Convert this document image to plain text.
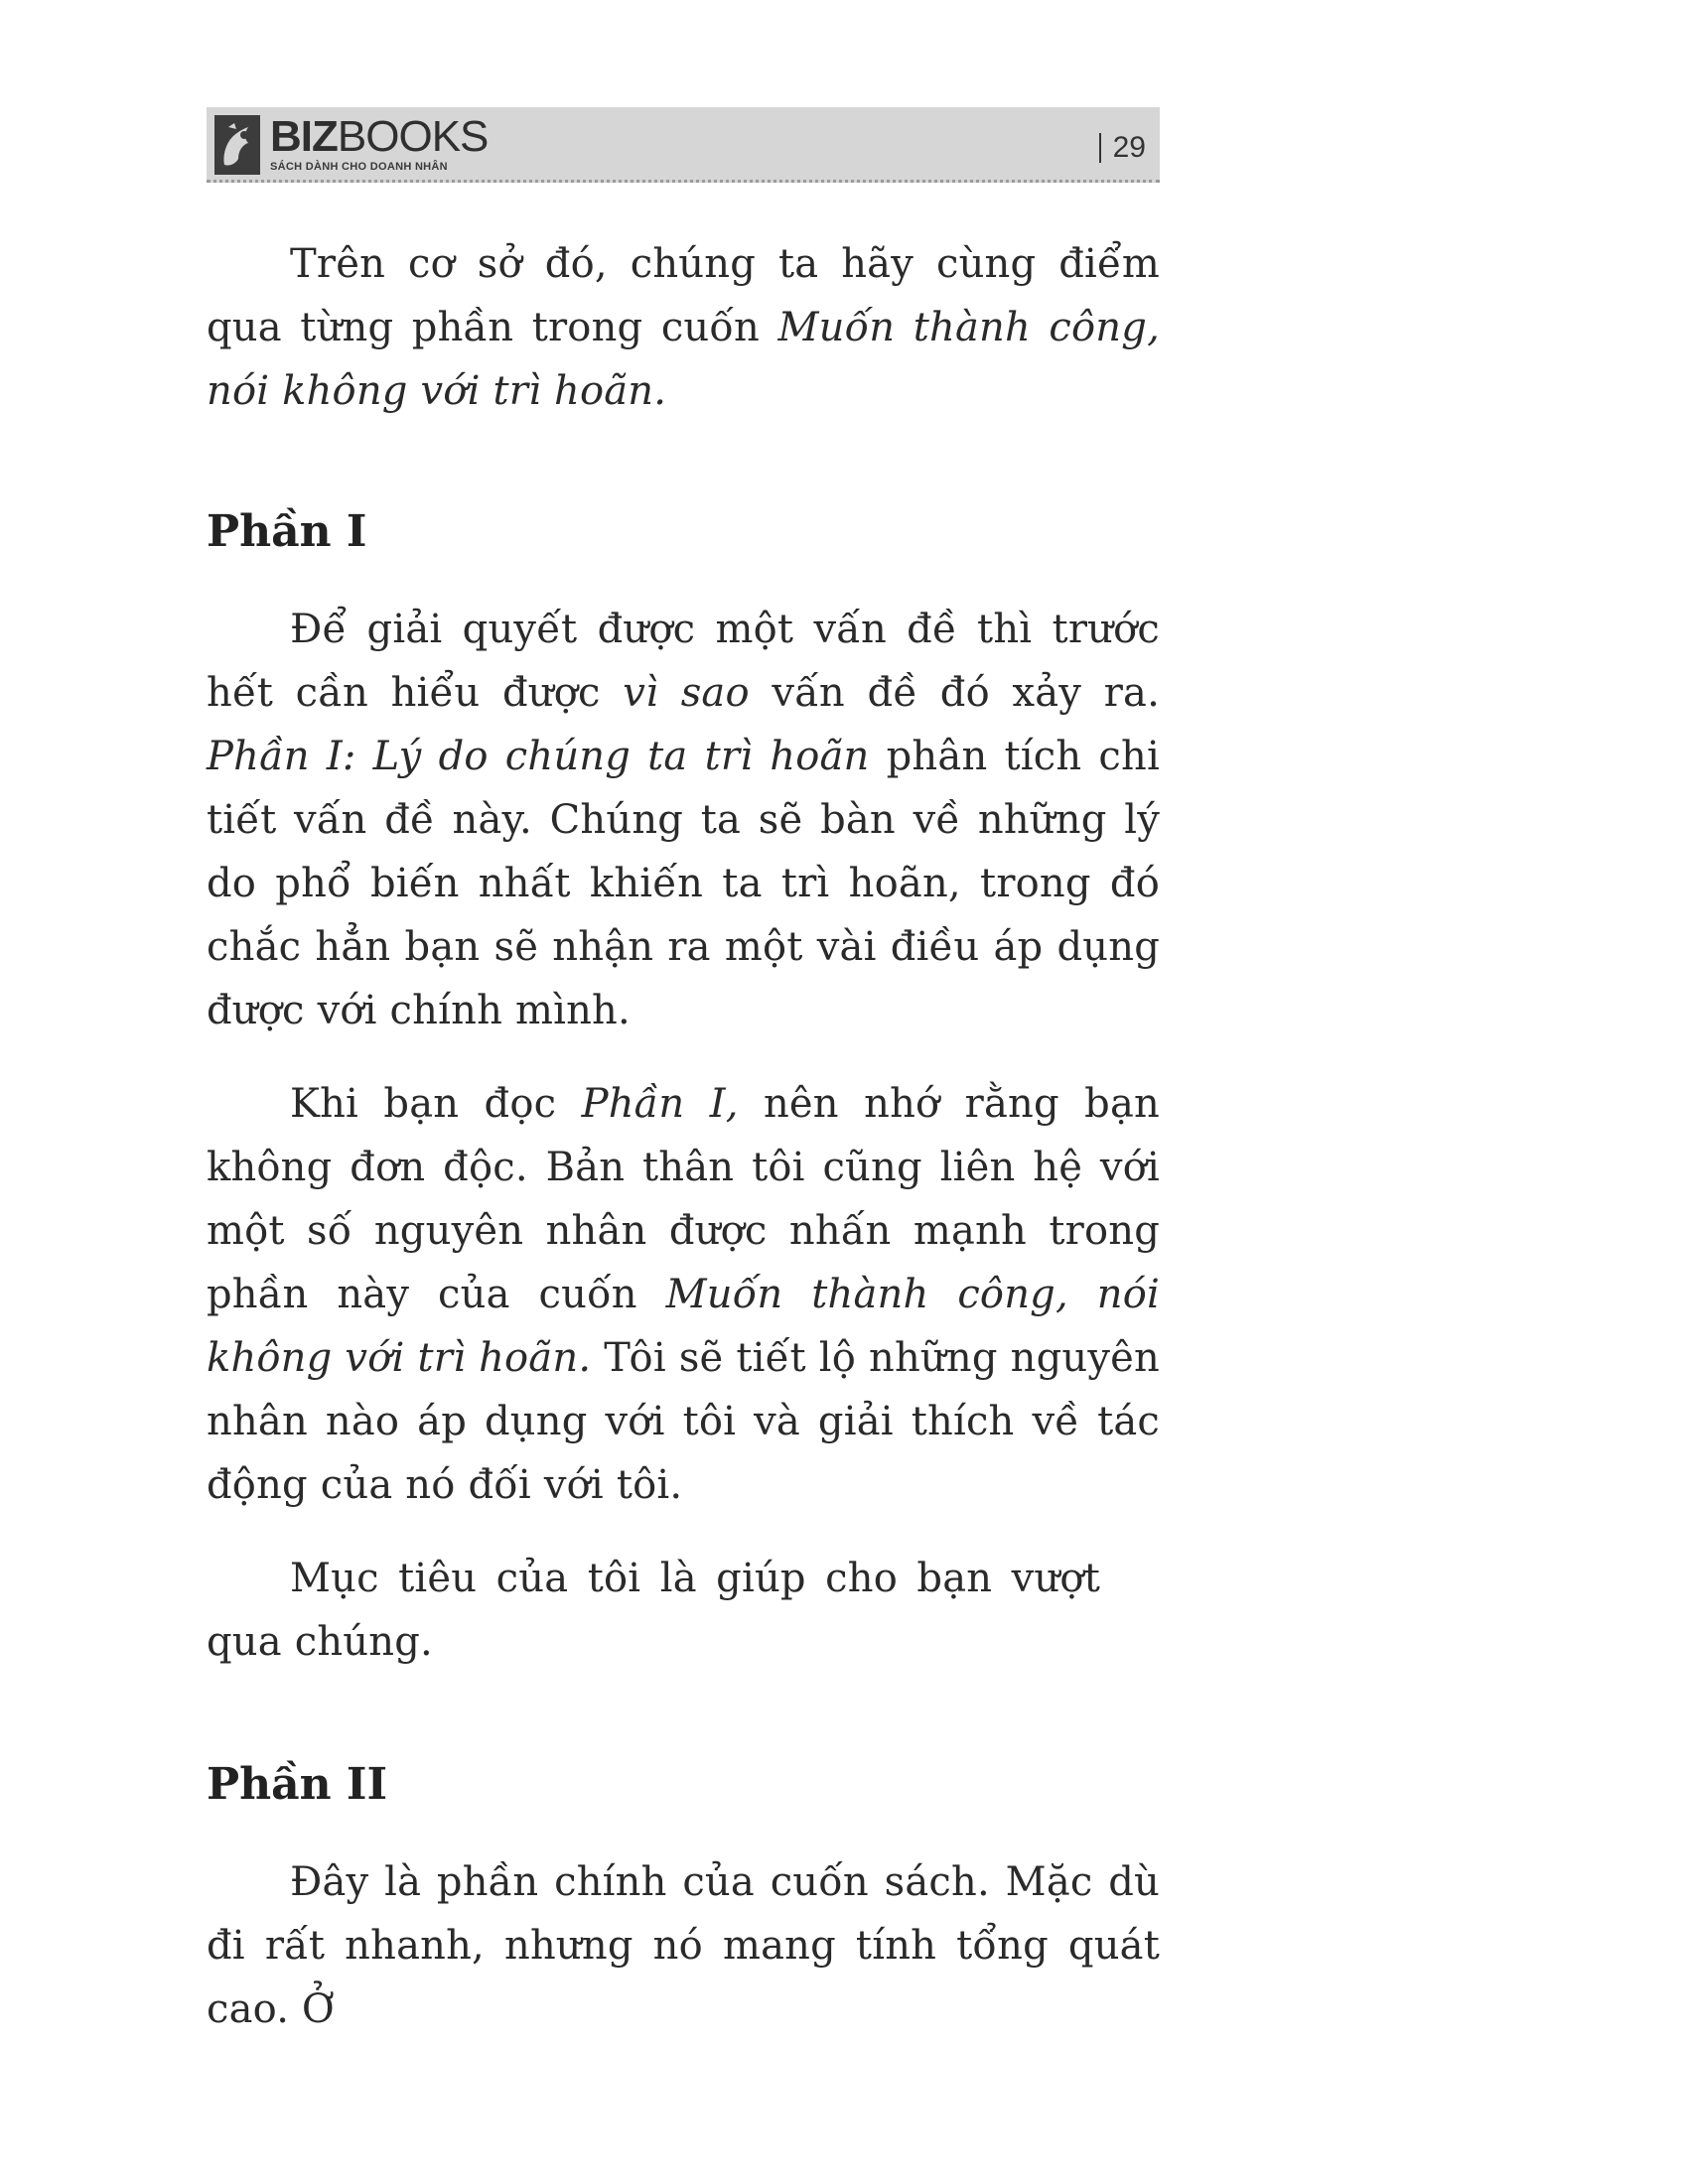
BIZBOOKS
SÁCH DÀNH CHO DOANH NHÂN
29

Trên cơ sở đó, chúng ta hãy cùng điểm qua từng phần trong cuốn Muốn thành công, nói không với trì hoãn.

Phần I

Để giải quyết được một vấn đề thì trước hết cần hiểu được vì sao vấn đề đó xảy ra. Phần I: Lý do chúng ta trì hoãn phân tích chi tiết vấn đề này. Chúng ta sẽ bàn về những lý do phổ biến nhất khiến ta trì hoãn, trong đó chắc hẳn bạn sẽ nhận ra một vài điều áp dụng được với chính mình.

Khi bạn đọc Phần I, nên nhớ rằng bạn không đơn độc. Bản thân tôi cũng liên hệ với một số nguyên nhân được nhấn mạnh trong phần này của cuốn Muốn thành công, nói không với trì hoãn. Tôi sẽ tiết lộ những nguyên nhân nào áp dụng với tôi và giải thích về tác động của nó đối với tôi.

Mục tiêu của tôi là giúp cho bạn vượt qua chúng.

Phần II

Đây là phần chính của cuốn sách. Mặc dù đi rất nhanh, nhưng nó mang tính tổng quát cao. Ở
